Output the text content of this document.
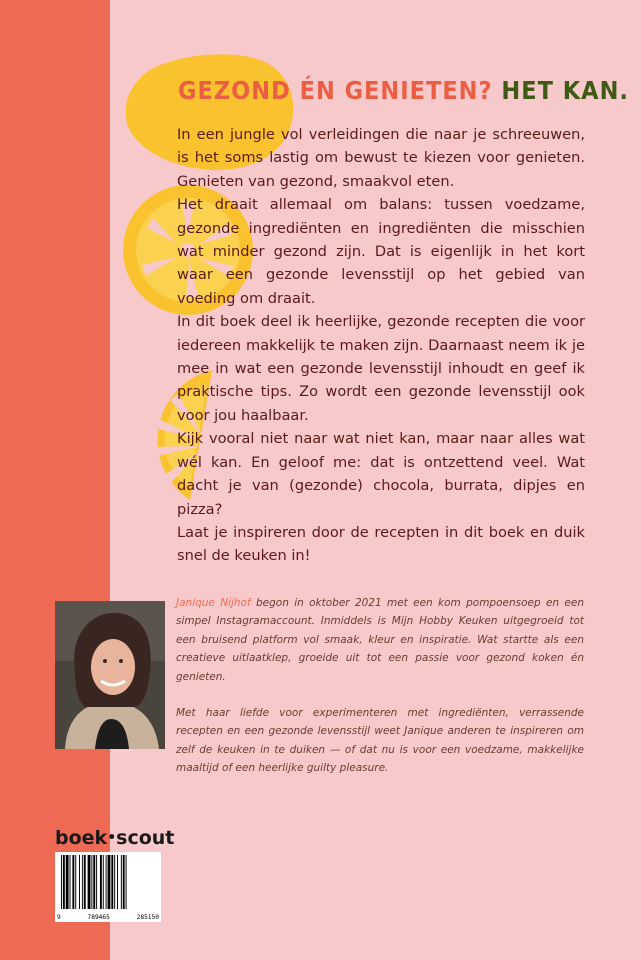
GEZOND ÉN GENIETEN? HET KAN.

In een jungle vol verleidingen die naar je schreeuwen, is het soms lastig om bewust te kiezen voor genieten. Genieten van gezond, smaakvol eten.

Het draait allemaal om balans: tussen voedzame, gezonde ingrediënten en ingrediënten die misschien wat minder gezond zijn. Dat is eigenlijk in het kort waar een gezonde levensstijl op het gebied van voeding om draait.

In dit boek deel ik heerlijke, gezonde recepten die voor iedereen makkelijk te maken zijn. Daarnaast neem ik je mee in wat een gezonde levensstijl inhoudt en geef ik praktische tips. Zo wordt een gezonde levensstijl ook voor jou haalbaar.

Kijk vooral niet naar wat niet kan, maar naar alles wat wél kan. En geloof me: dat is ontzettend veel. Wat dacht je van (gezonde) chocola, burrata, dipjes en pizza?

Laat je inspireren door de recepten in dit boek en duik snel de keuken in!

Janique Nijhof begon in oktober 2021 met een kom pompoensoep en een simpel Instagramaccount. Inmiddels is Mijn Hobby Keuken uitgegroeid tot een bruisend platform vol smaak, kleur en inspiratie. Wat startte als een creatieve uitlaatklep, groeide uit tot een passie voor gezond koken én genieten.

Met haar liefde voor experimenteren met ingrediënten, verrassende recepten en een gezonde levensstijl weet Janique anderen te inspireren om zelf de keuken in te duiken — of dat nu is voor een voedzame, makkelijke maaltijd of een heerlijke guilty pleasure.

boek•scout
9	789465	285150
